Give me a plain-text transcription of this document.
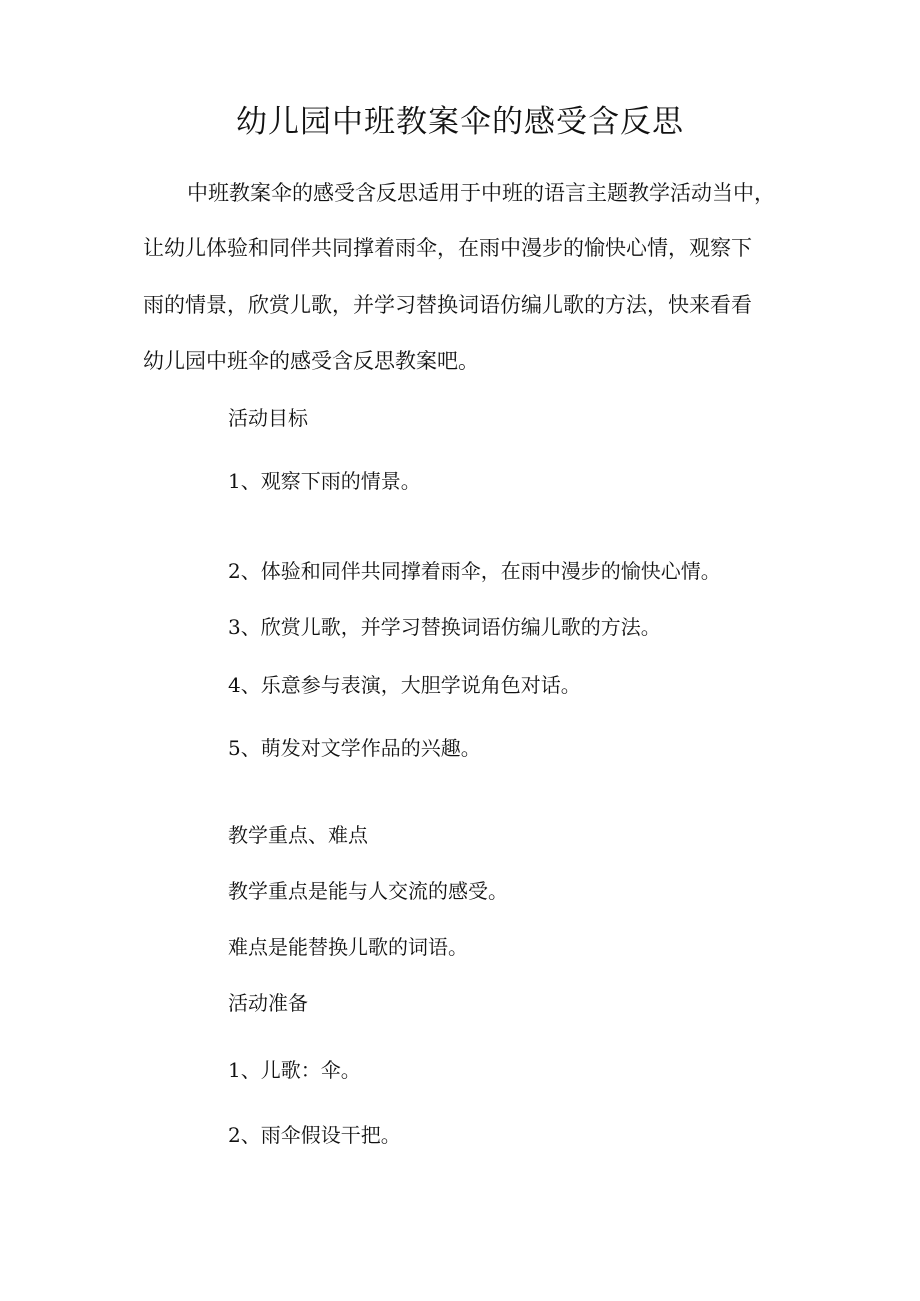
幼儿园中班教案伞的感受含反思
中班教案伞的感受含反思适用于中班的语言主题教学活动当中，
让幼儿体验和同伴共同撑着雨伞，在雨中漫步的愉快心情，观察下
雨的情景，欣赏儿歌，并学习替换词语仿编儿歌的方法，快来看看
幼儿园中班伞的感受含反思教案吧。
活动目标
1、观察下雨的情景。
2、体验和同伴共同撑着雨伞，在雨中漫步的愉快心情。
3、欣赏儿歌，并学习替换词语仿编儿歌的方法。
4、乐意参与表演，大胆学说角色对话。
5、萌发对文学作品的兴趣。
教学重点、难点
教学重点是能与人交流的感受。
难点是能替换儿歌的词语。
活动准备
1、儿歌：伞。
2、雨伞假设干把。
